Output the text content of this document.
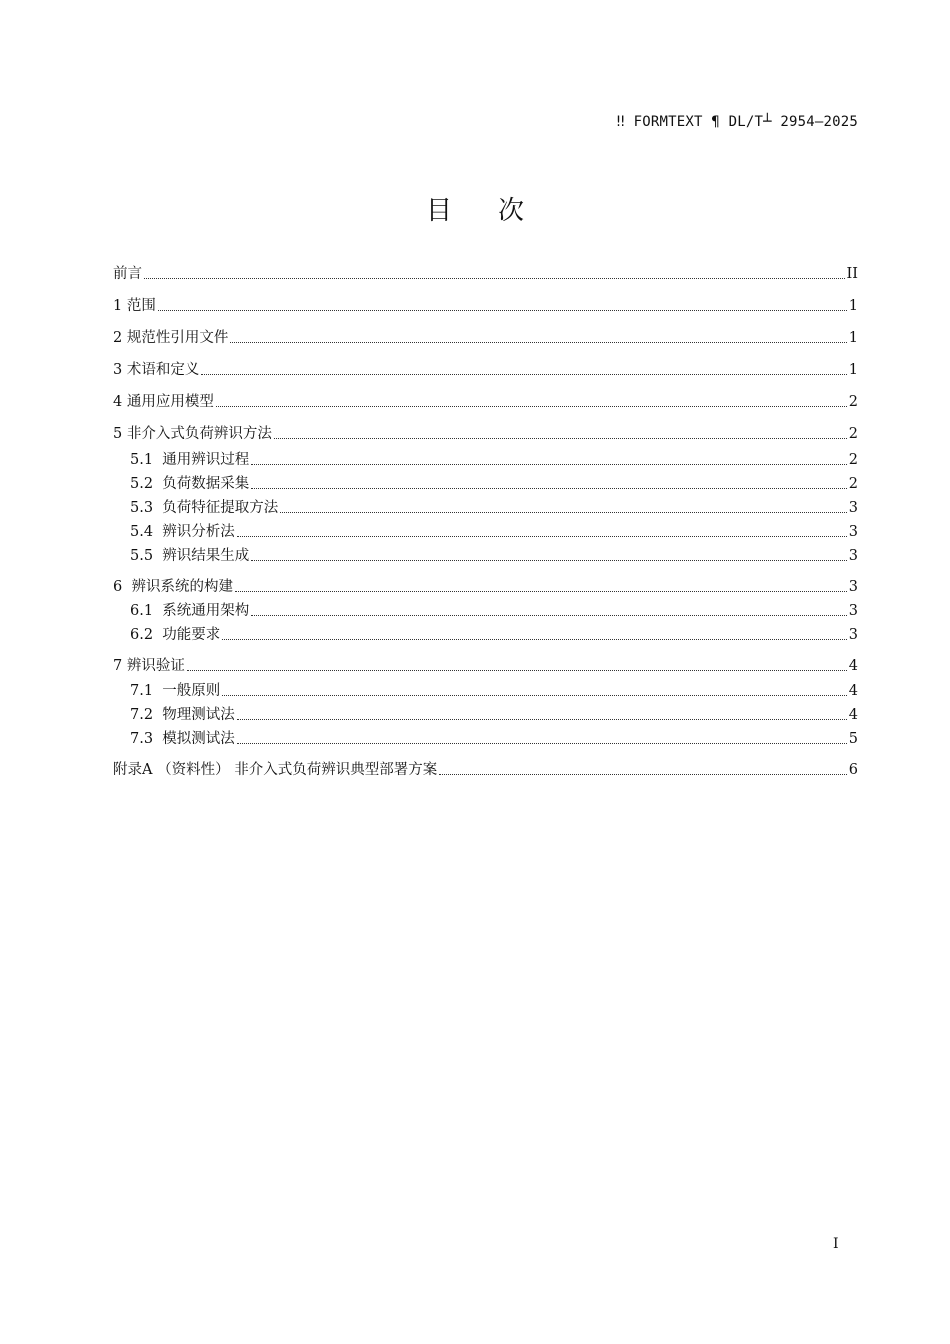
‼ FORMTEXT ¶ DL/T┴ 2954—2025
目次
前言	II
1 范围	1
2 规范性引用文件	1
3 术语和定义	1
4 通用应用模型	2
5 非介入式负荷辨识方法	2
5.1 通用辨识过程	2
5.2 负荷数据采集	2
5.3 负荷特征提取方法	3
5.4 辨识分析法	3
5.5 辨识结果生成	3
6 辨识系统的构建	3
6.1 系统通用架构	3
6.2 功能要求	3
7 辨识验证	4
7.1 一般原则	4
7.2 物理测试法	4
7.3 模拟测试法	5
附录A （资料性） 非介入式负荷辨识典型部署方案	6
I
